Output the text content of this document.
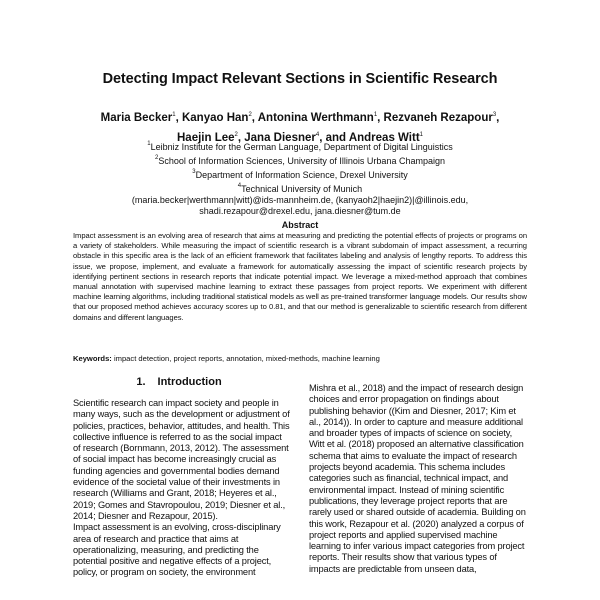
Detecting Impact Relevant Sections in Scientific Research
Maria Becker$^1$, Kanyao Han$^2$, Antonina Werthmann$^1$, Rezvaneh Rezapour$^3$,
Haejin Lee$^2$, Jana Diesner$^4$, and Andreas Witt$^1$
$^1$Leibniz Institute for the German Language, Department of Digital Linguistics
$^2$School of Information Sciences, University of Illinois Urbana Champaign
$^3$Department of Information Science, Drexel University
$^4$Technical University of Munich
(maria.becker|werthmann|witt)@ids-mannheim.de, (kanyaoh2|haejin2)|@illinois.edu,
shadi.rezapour@drexel.edu, jana.diesner@tum.de
Abstract
Impact assessment is an evolving area of research that aims at measuring and predicting the potential effects of projects or programs on a variety of stakeholders. While measuring the impact of scientific research is a vibrant subdomain of impact assessment, a recurring obstacle in this specific area is the lack of an efficient framework that facilitates labeling and analysis of lengthy reports. To address this issue, we propose, implement, and evaluate a framework for automatically assessing the impact of scientific research projects by identifying pertinent sections in research reports that indicate potential impact. We leverage a mixed-method approach that combines manual annotation with supervised machine learning to extract these passages from project reports. We experiment with different machine learning algorithms, including traditional statistical models as well as pre-trained transformer language models. Our results show that our proposed method achieves accuracy scores up to 0.81, and that our method is generalizable to scientific research from different domains and different languages.
Keywords: impact detection, project reports, annotation, mixed-methods, machine learning
1. Introduction

Scientific research can impact society and people in many ways, such as the development or adjustment of policies, practices, behavior, attitudes, and health. This collective influence is referred to as the social impact of research (Bornmann, 2013, 2012). The assessment of social impact has become increasingly crucial as funding agencies and governmental bodies demand evidence of the societal value of their investments in research (Williams and Grant, 2018; Heyeres et al., 2019; Gomes and Stavropoulou, 2019; Diesner et al., 2014; Diesner and Rezapour, 2015).

Impact assessment is an evolving, cross-disciplinary area of research and practice that aims at operationalizing, measuring, and predicting the potential positive and negative effects of a project, policy, or program on society, the environment

Mishra et al., 2018) and the impact of research design choices and error propagation on findings about publishing behavior ((Kim and Diesner, 2017; Kim et al., 2014)). In order to capture and measure additional and broader types of impacts of science on society, Witt et al. (2018) proposed an alternative classification schema that aims to evaluate the impact of research projects beyond academia. This schema includes categories such as financial, technical impact, and environmental impact. Instead of mining scientific publications, they leverage project reports that are rarely used or shared outside of academia. Building on this work, Rezapour et al. (2020) analyzed a corpus of project reports and applied supervised machine learning to infer various impact categories from project reports. Their results show that various types of impacts are predictable from unseen data,
